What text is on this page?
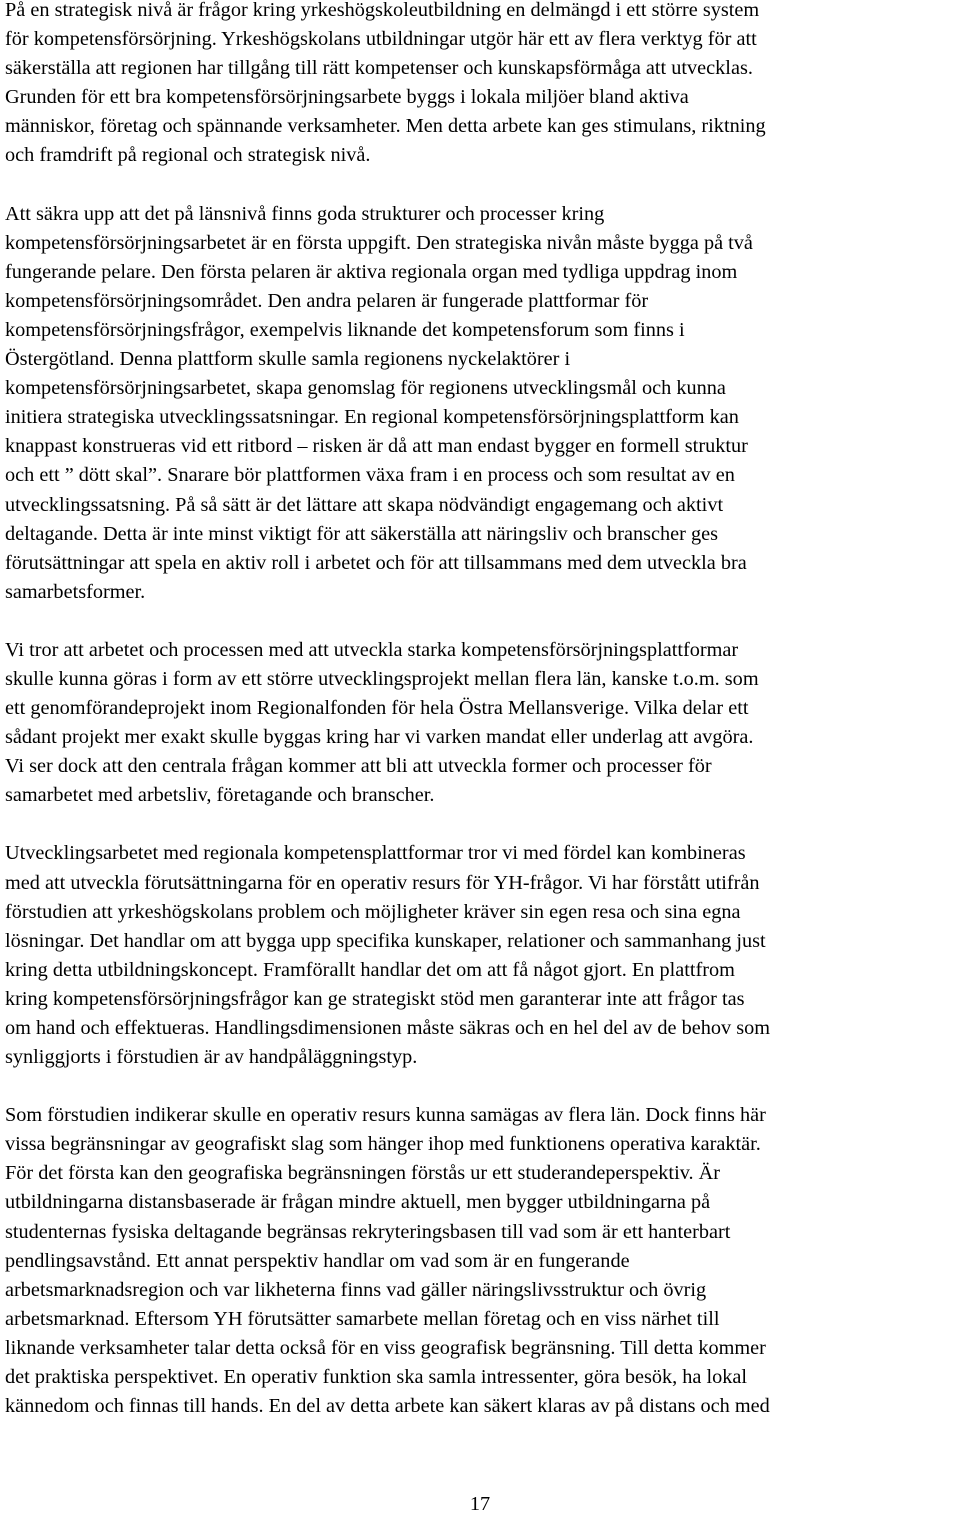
På en strategisk nivå är frågor kring yrkeshögskoleutbildning en delmängd i ett större system
för kompetensförsörjning. Yrkeshögskolans utbildningar utgör här ett av flera verktyg för att
säkerställa att regionen har tillgång till rätt kompetenser och kunskapsförmåga att utvecklas.
Grunden för ett bra kompetensförsörjningsarbete byggs i lokala miljöer bland aktiva
människor, företag och spännande verksamheter. Men detta arbete kan ges stimulans, riktning
och framdrift på regional och strategisk nivå.
Att säkra upp att det på länsnivå finns goda strukturer och processer kring
kompetensförsörjningsarbetet är en första uppgift. Den strategiska nivån måste bygga på två
fungerande pelare. Den första pelaren är aktiva regionala organ med tydliga uppdrag inom
kompetensförsörjningsområdet. Den andra pelaren är fungerade plattformar för
kompetensförsörjningsfrågor, exempelvis liknande det kompetensforum som finns i
Östergötland. Denna plattform skulle samla regionens nyckelaktörer i
kompetensförsörjningsarbetet, skapa genomslag för regionens utvecklingsmål och kunna
initiera strategiska utvecklingssatsningar. En regional kompetensförsörjningsplattform kan
knappast konstrueras vid ett ritbord – risken är då att man endast bygger en formell struktur
och ett ” dött skal”. Snarare bör plattformen växa fram i en process och som resultat av en
utvecklingssatsning. På så sätt är det lättare att skapa nödvändigt engagemang och aktivt
deltagande. Detta är inte minst viktigt för att säkerställa att näringsliv och branscher ges
förutsättningar att spela en aktiv roll i arbetet och för att tillsammans med dem utveckla bra
samarbetsformer.
Vi tror att arbetet och processen med att utveckla starka kompetensförsörjningsplattformar
skulle kunna göras i form av ett större utvecklingsprojekt mellan flera län, kanske t.o.m. som
ett genomförandeprojekt inom Regionalfonden för hela Östra Mellansverige. Vilka delar ett
sådant projekt mer exakt skulle byggas kring har vi varken mandat eller underlag att avgöra.
Vi ser dock att den centrala frågan kommer att bli att utveckla former och processer för
samarbetet med arbetsliv, företagande och branscher.
Utvecklingsarbetet med regionala kompetensplattformar tror vi med fördel kan kombineras
med att utveckla förutsättningarna för en operativ resurs för YH-frågor. Vi har förstått utifrån
förstudien att yrkeshögskolans problem och möjligheter kräver sin egen resa och sina egna
lösningar. Det handlar om att bygga upp specifika kunskaper, relationer och sammanhang just
kring detta utbildningskoncept. Framförallt handlar det om att få något gjort. En plattfrom
kring kompetensförsörjningsfrågor kan ge strategiskt stöd men garanterar inte att frågor tas
om hand och effektueras. Handlingsdimensionen måste säkras och en hel del av de behov som
synliggjorts i förstudien är av handpåläggningstyp.
Som förstudien indikerar skulle en operativ resurs kunna samägas av flera län. Dock finns här
vissa begränsningar av geografiskt slag som hänger ihop med funktionens operativa karaktär.
För det första kan den geografiska begränsningen förstås ur ett studerandeperspektiv. Är
utbildningarna distansbaserade är frågan mindre aktuell, men bygger utbildningarna på
studenternas fysiska deltagande begränsas rekryteringsbasen till vad som är ett hanterbart
pendlingsavstånd. Ett annat perspektiv handlar om vad som är en fungerande
arbetsmarknadsregion och var likheterna finns vad gäller näringslivsstruktur och övrig
arbetsmarknad. Eftersom YH förutsätter samarbete mellan företag och en viss närhet till
liknande verksamheter talar detta också för en viss geografisk begränsning. Till detta kommer
det praktiska perspektivet. En operativ funktion ska samla intressenter, göra besök, ha lokal
kännedom och finnas till hands. En del av detta arbete kan säkert klaras av på distans och med
17
